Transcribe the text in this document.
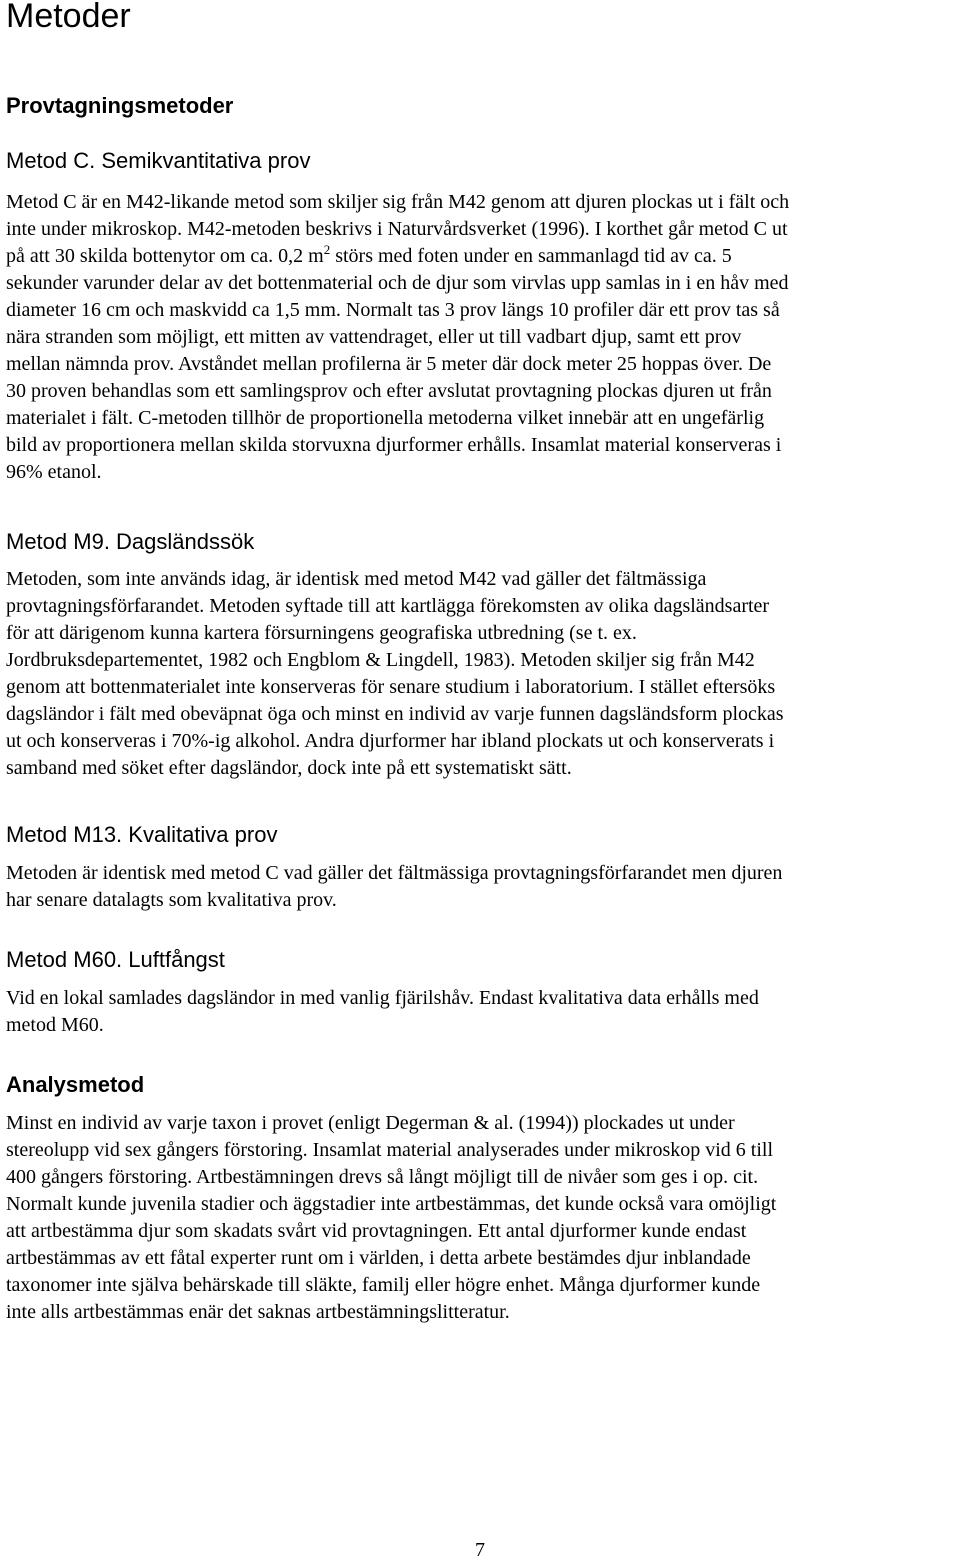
Metoder
Provtagningsmetoder
Metod C. Semikvantitativa prov
Metod C är en M42-likande metod som skiljer sig från M42 genom att djuren plockas ut i fält och
inte under mikroskop. M42-metoden beskrivs i Naturvårdsverket (1996). I korthet går metod C ut
på att 30 skilda bottenytor om ca. 0,2 $m^2$ störs med foten under en sammanlagd tid av ca. 5
sekunder varunder delar av det bottenmaterial och de djur som virvlas upp samlas in i en håv med
diameter 16 cm och maskvidd ca 1,5 mm. Normalt tas 3 prov längs 10 profiler där ett prov tas så
nära stranden som möjligt, ett mitten av vattendraget, eller ut till vadbart djup, samt ett prov
mellan nämnda prov. Avståndet mellan profilerna är 5 meter där dock meter 25 hoppas över. De
30 proven behandlas som ett samlingsprov och efter avslutat provtagning plockas djuren ut från
materialet i fält. C-metoden tillhör de proportionella metoderna vilket innebär att en ungefärlig
bild av proportionera mellan skilda storvuxna djurformer erhålls. Insamlat material konserveras i
96% etanol.
Metod M9. Dagsländssök
Metoden, som inte används idag, är identisk med metod M42 vad gäller det fältmässiga
provtagningsförfarandet. Metoden syftade till att kartlägga förekomsten av olika dagsländsarter
för att därigenom kunna kartera försurningens geografiska utbredning (se t. ex.
Jordbruksdepartementet, 1982 och Engblom & Lingdell, 1983). Metoden skiljer sig från M42
genom att bottenmaterialet inte konserveras för senare studium i laboratorium. I stället eftersöks
dagsländor i fält med obeväpnat öga och minst en individ av varje funnen dagsländsform plockas
ut och konserveras i 70%-ig alkohol. Andra djurformer har ibland plockats ut och konserverats i
samband med söket efter dagsländor, dock inte på ett systematiskt sätt.
Metod M13. Kvalitativa prov
Metoden är identisk med metod C vad gäller det fältmässiga provtagningsförfarandet men djuren
har senare datalagts som kvalitativa prov.
Metod M60. Luftfångst
Vid en lokal samlades dagsländor in med vanlig fjärilshåv. Endast kvalitativa data erhålls med
metod M60.
Analysmetod
Minst en individ av varje taxon i provet (enligt Degerman & al. (1994)) plockades ut under
stereolupp vid sex gångers förstoring. Insamlat material analyserades under mikroskop vid 6 till
400 gångers förstoring. Artbestämningen drevs så långt möjligt till de nivåer som ges i op. cit.
Normalt kunde juvenila stadier och äggstadier inte artbestämmas, det kunde också vara omöjligt
att artbestämma djur som skadats svårt vid provtagningen. Ett antal djurformer kunde endast
artbestämmas av ett fåtal experter runt om i världen, i detta arbete bestämdes djur inblandade
taxonomer inte själva behärskade till släkte, familj eller högre enhet. Många djurformer kunde
inte alls artbestämmas enär det saknas artbestämningslitteratur.
7
